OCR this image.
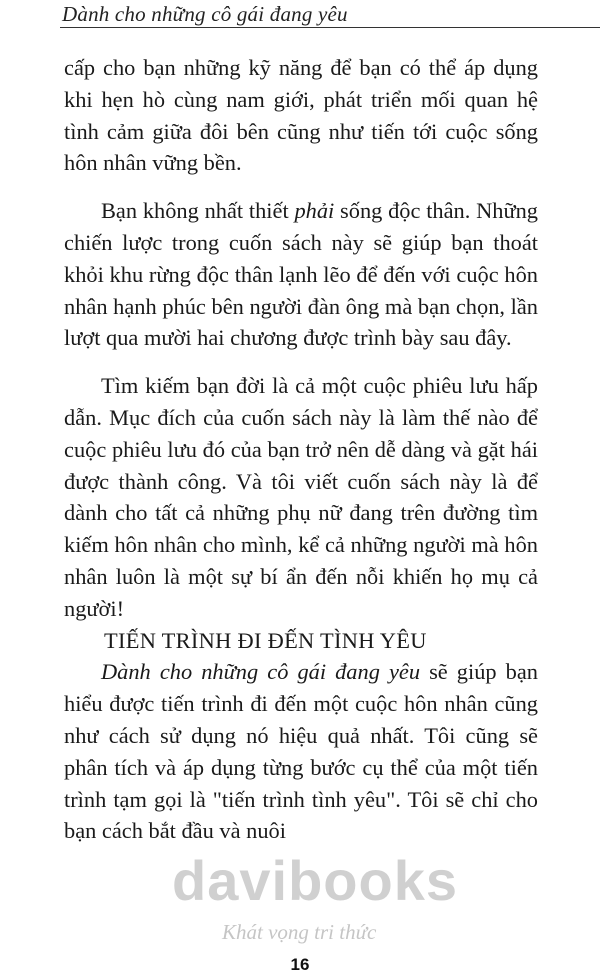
Dành cho những cô gái đang yêu

cấp cho bạn những kỹ năng để bạn có thể áp dụng khi hẹn hò cùng nam giới, phát triển mối quan hệ tình cảm giữa đôi bên cũng như tiến tới cuộc sống hôn nhân vững bền.

Bạn không nhất thiết phải sống độc thân. Những chiến lược trong cuốn sách này sẽ giúp bạn thoát khỏi khu rừng độc thân lạnh lẽo để đến với cuộc hôn nhân hạnh phúc bên người đàn ông mà bạn chọn, lần lượt qua mười hai chương được trình bày sau đây.

Tìm kiếm bạn đời là cả một cuộc phiêu lưu hấp dẫn. Mục đích của cuốn sách này là làm thế nào để cuộc phiêu lưu đó của bạn trở nên dễ dàng và gặt hái được thành công. Và tôi viết cuốn sách này là để dành cho tất cả những phụ nữ đang trên đường tìm kiếm hôn nhân cho mình, kể cả những người mà hôn nhân luôn là một sự bí ẩn đến nỗi khiến họ mụ cả người!

TIẾN TRÌNH ĐI ĐẾN TÌNH YÊU

Dành cho những cô gái đang yêu sẽ giúp bạn hiểu được tiến trình đi đến một cuộc hôn nhân cũng như cách sử dụng nó hiệu quả nhất. Tôi cũng sẽ phân tích và áp dụng từng bước cụ thể của một tiến trình tạm gọi là "tiến trình tình yêu". Tôi sẽ chỉ cho bạn cách bắt đầu và nuôi

davibooks
Khát vọng tri thức
16
